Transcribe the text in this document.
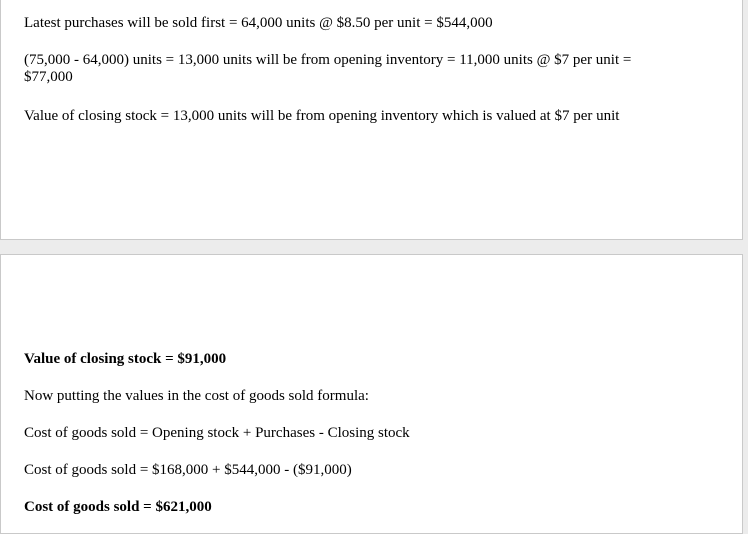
Latest purchases will be sold first = 64,000 units @ $8.50 per unit = $544,000

(75,000 - 64,000) units = 13,000 units will be from opening inventory = 11,000 units @ $7 per unit = $77,000

Value of closing stock = 13,000 units will be from opening inventory which is valued at $7 per unit

Value of closing stock = $91,000

Now putting the values in the cost of goods sold formula:

Cost of goods sold = Opening stock + Purchases - Closing stock

Cost of goods sold = $168,000 + $544,000 - ($91,000)

Cost of goods sold = $621,000
